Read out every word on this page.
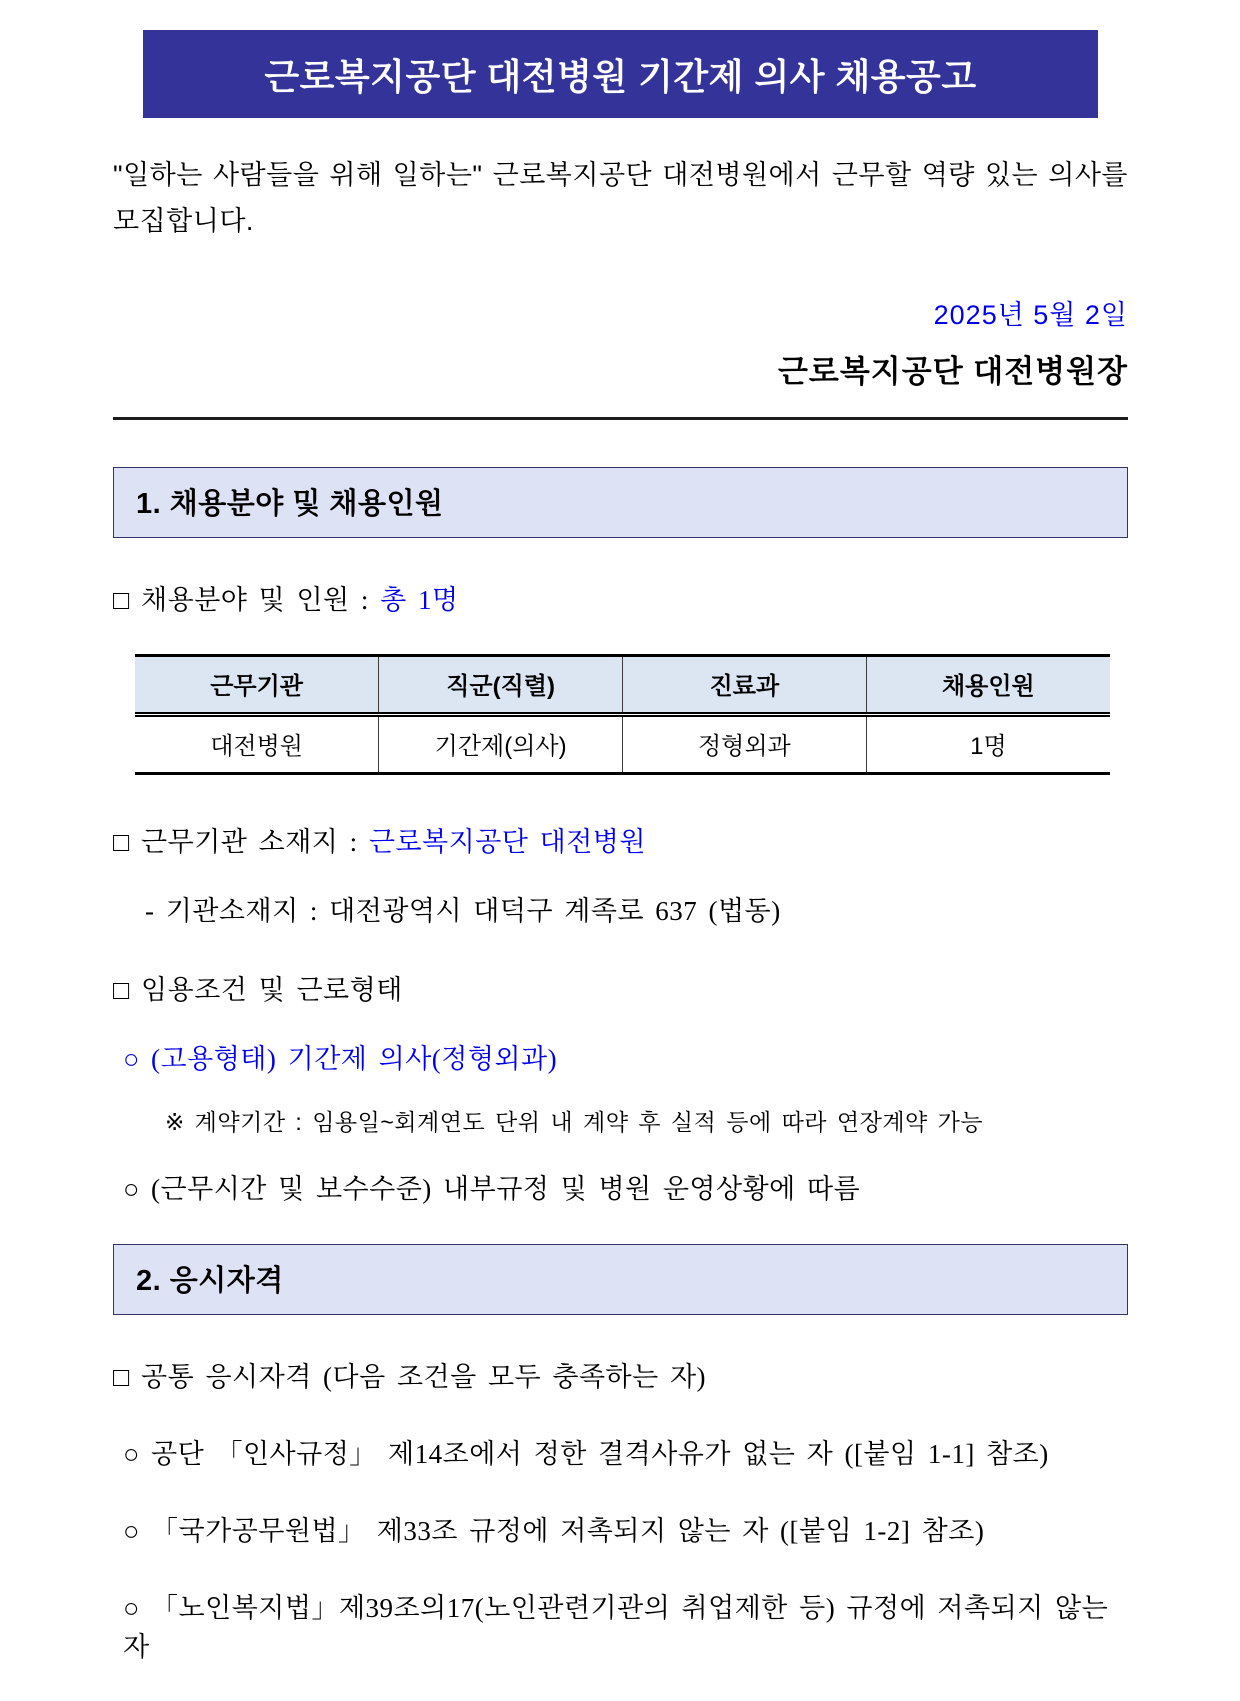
근로복지공단 대전병원 기간제 의사 채용공고

"일하는 사람들을 위해 일하는" 근로복지공단 대전병원에서 근무할 역량 있는 의사를 모집합니다.

2025년 5월 2일
근로복지공단 대전병원장
1. 채용분야 및 채용인원

□ 채용분야 및 인원 : 총 1명

근무기관	직군(직렬)	진료과	채용인원
대전병원	기간제(의사)	정형외과	1명

□ 근무기관 소재지 : 근로복지공단 대전병원

- 기관소재지 : 대전광역시 대덕구 계족로 637 (법동)

□ 임용조건 및 근로형태

○ (고용형태) 기간제 의사(정형외과)

※ 계약기간 : 임용일~회계연도 단위 내 계약 후 실적 등에 따라 연장계약 가능

○ (근무시간 및 보수수준) 내부규정 및 병원 운영상황에 따름

2. 응시자격

□ 공통 응시자격 (다음 조건을 모두 충족하는 자)

○ 공단 「인사규정」 제14조에서 정한 결격사유가 없는 자 ([붙임 1-1] 참조)

○ 「국가공무원법」 제33조 규정에 저촉되지 않는 자 ([붙임 1-2] 참조)

○ 「노인복지법」제39조의17(노인관련기관의 취업제한 등) 규정에 저촉되지 않는 자
